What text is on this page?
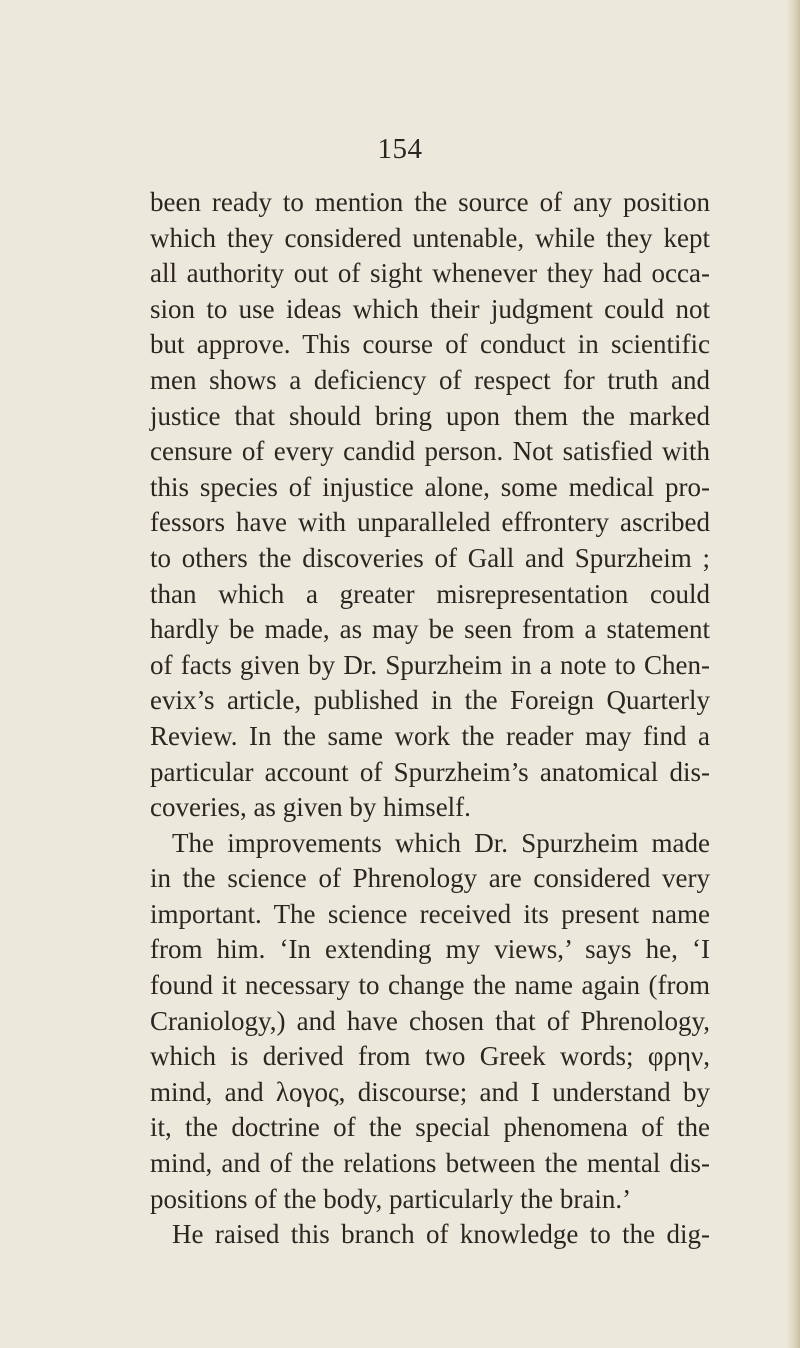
154
been ready to mention the source of any position
which they considered untenable, while they kept
all authority out of sight whenever they had occa-
sion to use ideas which their judgment could not
but approve. This course of conduct in scientific
men shows a deficiency of respect for truth and
justice that should bring upon them the marked
censure of every candid person. Not satisfied with
this species of injustice alone, some medical pro-
fessors have with unparalleled effrontery ascribed
to others the discoveries of Gall and Spurzheim ;
than which a greater misrepresentation could
hardly be made, as may be seen from a statement
of facts given by Dr. Spurzheim in a note to Chen-
evix’s article, published in the Foreign Quarterly
Review. In the same work the reader may find a
particular account of Spurzheim’s anatomical dis-
coveries, as given by himself.
The improvements which Dr. Spurzheim made
in the science of Phrenology are considered very
important. The science received its present name
from him. ‘In extending my views,’ says he, ‘I
found it necessary to change the name again (from
Craniology,) and have chosen that of Phrenology,
which is derived from two Greek words; φρην,
mind, and λογος, discourse; and I understand by
it, the doctrine of the special phenomena of the
mind, and of the relations between the mental dis-
positions of the body, particularly the brain.’
He raised this branch of knowledge to the dig-
